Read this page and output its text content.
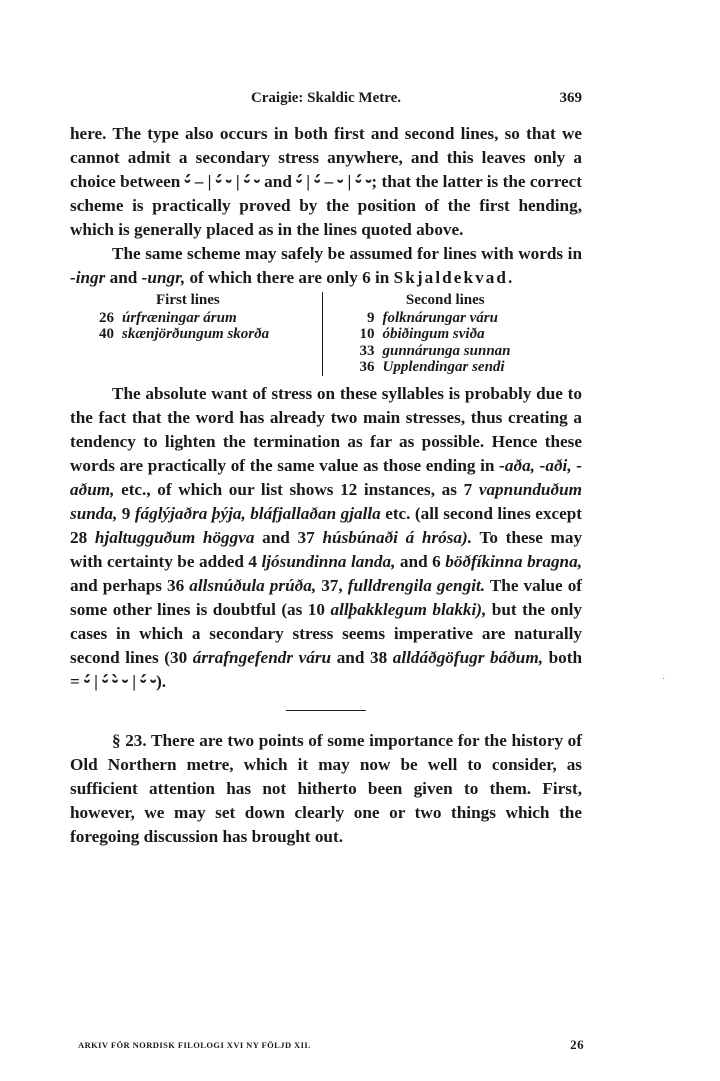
Craigie: Skaldic Metre.	369

here. The type also occurs in both first and second lines, so that we cannot admit a secondary stress anywhere, and this leaves only a choice between ⏑́ – | ⏑́ ⏑ | ⏑́ ⏑ and ⏑́ | ⏑́ – ⏑ | ⏑́ ⏑; that the latter is the correct scheme is practically proved by the position of the first hending, which is generally placed as in the lines quoted above.

The same scheme may safely be assumed for lines with words in -ingr and -ungr, of which there are only 6 in Skjaldekvad.

First lines
26 úrfræningar árum
40 skænjörðungum skorða
Second lines
9 folknárungar váru
10 óbiðingum sviða
33 gunnárunga sunnan
36 Upplendingar sendi

The absolute want of stress on these syllables is probably due to the fact that the word has already two main stresses, thus creating a tendency to lighten the termination as far as possible. Hence these words are practically of the same value as those ending in -aða, -aði, -aðum, etc., of which our list shows 12 instances, as 7 vapnunduðum sunda, 9 fáglýjaðra þýja, bláfjallaðan gjalla etc. (all second lines except 28 hjaltugguðum höggva and 37 húsbúnaði á hrósa). To these may with certainty be added 4 ljósundinna landa, and 6 böðfíkinna bragna, and perhaps 36 allsnúðula prúða, 37, fulldrengila gengit. The value of some other lines is doubtful (as 10 allþakklegum blakki), but the only cases in which a secondary stress seems imperative are naturally second lines (30 árrafngefendr váru and 38 alldáðgöfugr báðum, both = ⏑́ | ⏑́ ⏑̀ ⏑ | ⏑́ ⏑).

§ 23. There are two points of some importance for the history of Old Northern metre, which it may now be well to consider, as sufficient attention has not hitherto been given to them. First, however, we may set down clearly one or two things which the foregoing discussion has brought out.

·
ARKIV FÖR NORDISK FILOLOGI XVI NY FÖLJD XII.	26
